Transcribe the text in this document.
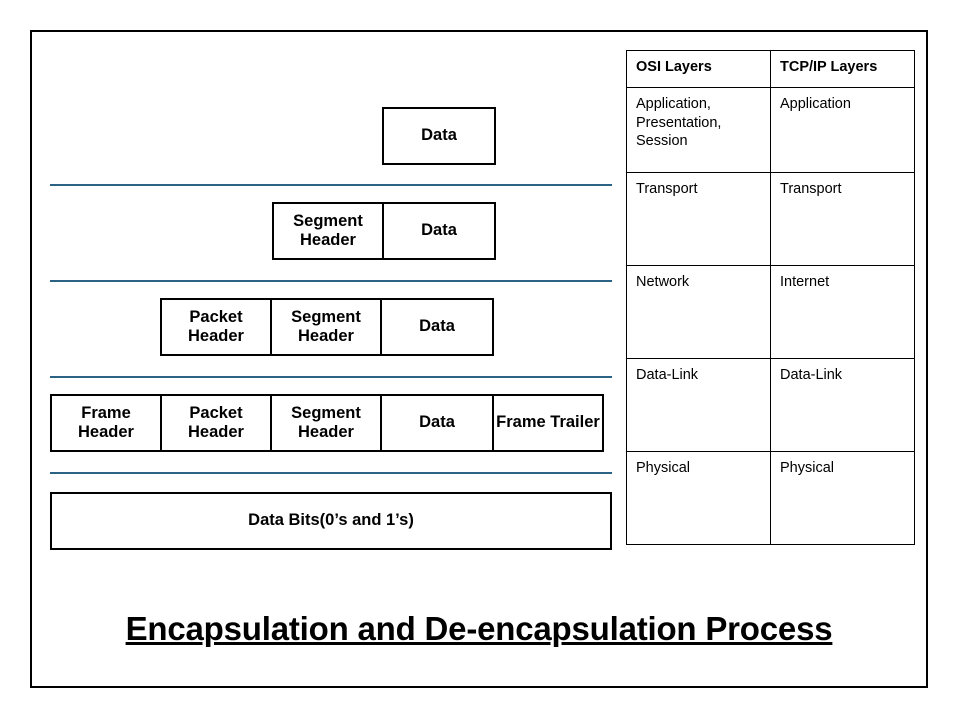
Data
Segment Header
Data
Packet Header
Segment Header
Data
Frame Header
Packet Header
Segment Header
Data	Frame Trailer
Data Bits(0’s and 1’s)
OSI Layers	TCP/IP Layers
Application, Presentation, Session	Application
Transport	Transport
Network	Internet
Data-Link	Data-Link
Physical	Physical
Encapsulation and De-encapsulation Process
